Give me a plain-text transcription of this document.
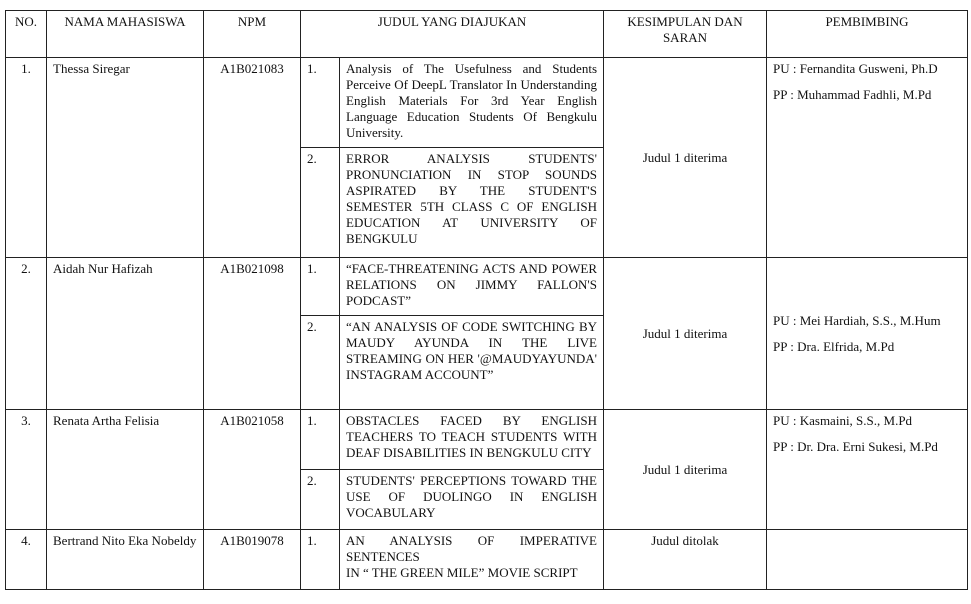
NO.	NAMA MAHASISWA	NPM	JUDUL YANG DIAJUKAN		KESIMPULAN DAN SARAN	PEMBIMBING
1.	Thessa Siregar	A1B021083	1.	Analysis of The Usefulness and Students Perceive Of DeepL Translator In Understanding English Materials For 3rd Year English Language Education Students Of Bengkulu University.	Judul 1 diterima	PU : Fernandita Gusweni, Ph.D
PP : Muhammad Fadhli, M.Pd

			2.	ERROR ANALYSIS STUDENTS' PRONUNCIATION IN STOP SOUNDS ASPIRATED BY THE STUDENT'S SEMESTER 5TH CLASS C OF ENGLISH EDUCATION AT UNIVERSITY OF BENGKULU		
2.	Aidah Nur Hafizah	A1B021098	1.	“FACE-THREATENING ACTS AND POWER RELATIONS ON JIMMY FALLON'S PODCAST”	Judul 1 diterima	PU : Mei Hardiah, S.S., M.Hum
PP : Dra. Elfrida, M.Pd

			2.	“AN ANALYSIS OF CODE SWITCHING BY MAUDY AYUNDA IN THE LIVE STREAMING ON HER '@MAUDYAYUNDA' INSTAGRAM ACCOUNT”		
3.	Renata Artha Felisia	A1B021058	1.	OBSTACLES FACED BY ENGLISH TEACHERS TO TEACH STUDENTS WITH DEAF DISABILITIES IN BENGKULU CITY	Judul 1 diterima	PU : Kasmaini, S.S., M.Pd
PP : Dr. Dra. Erni Sukesi, M.Pd

			2.	STUDENTS' PERCEPTIONS TOWARD THE USE OF DUOLINGO IN ENGLISH VOCABULARY		
4.	Bertrand Nito Eka Nobeldy	A1B019078	1.	AN ANALYSIS OF IMPERATIVE SENTENCES
IN “ THE GREEN MILE” MOVIE SCRIPT	Judul ditolak	
